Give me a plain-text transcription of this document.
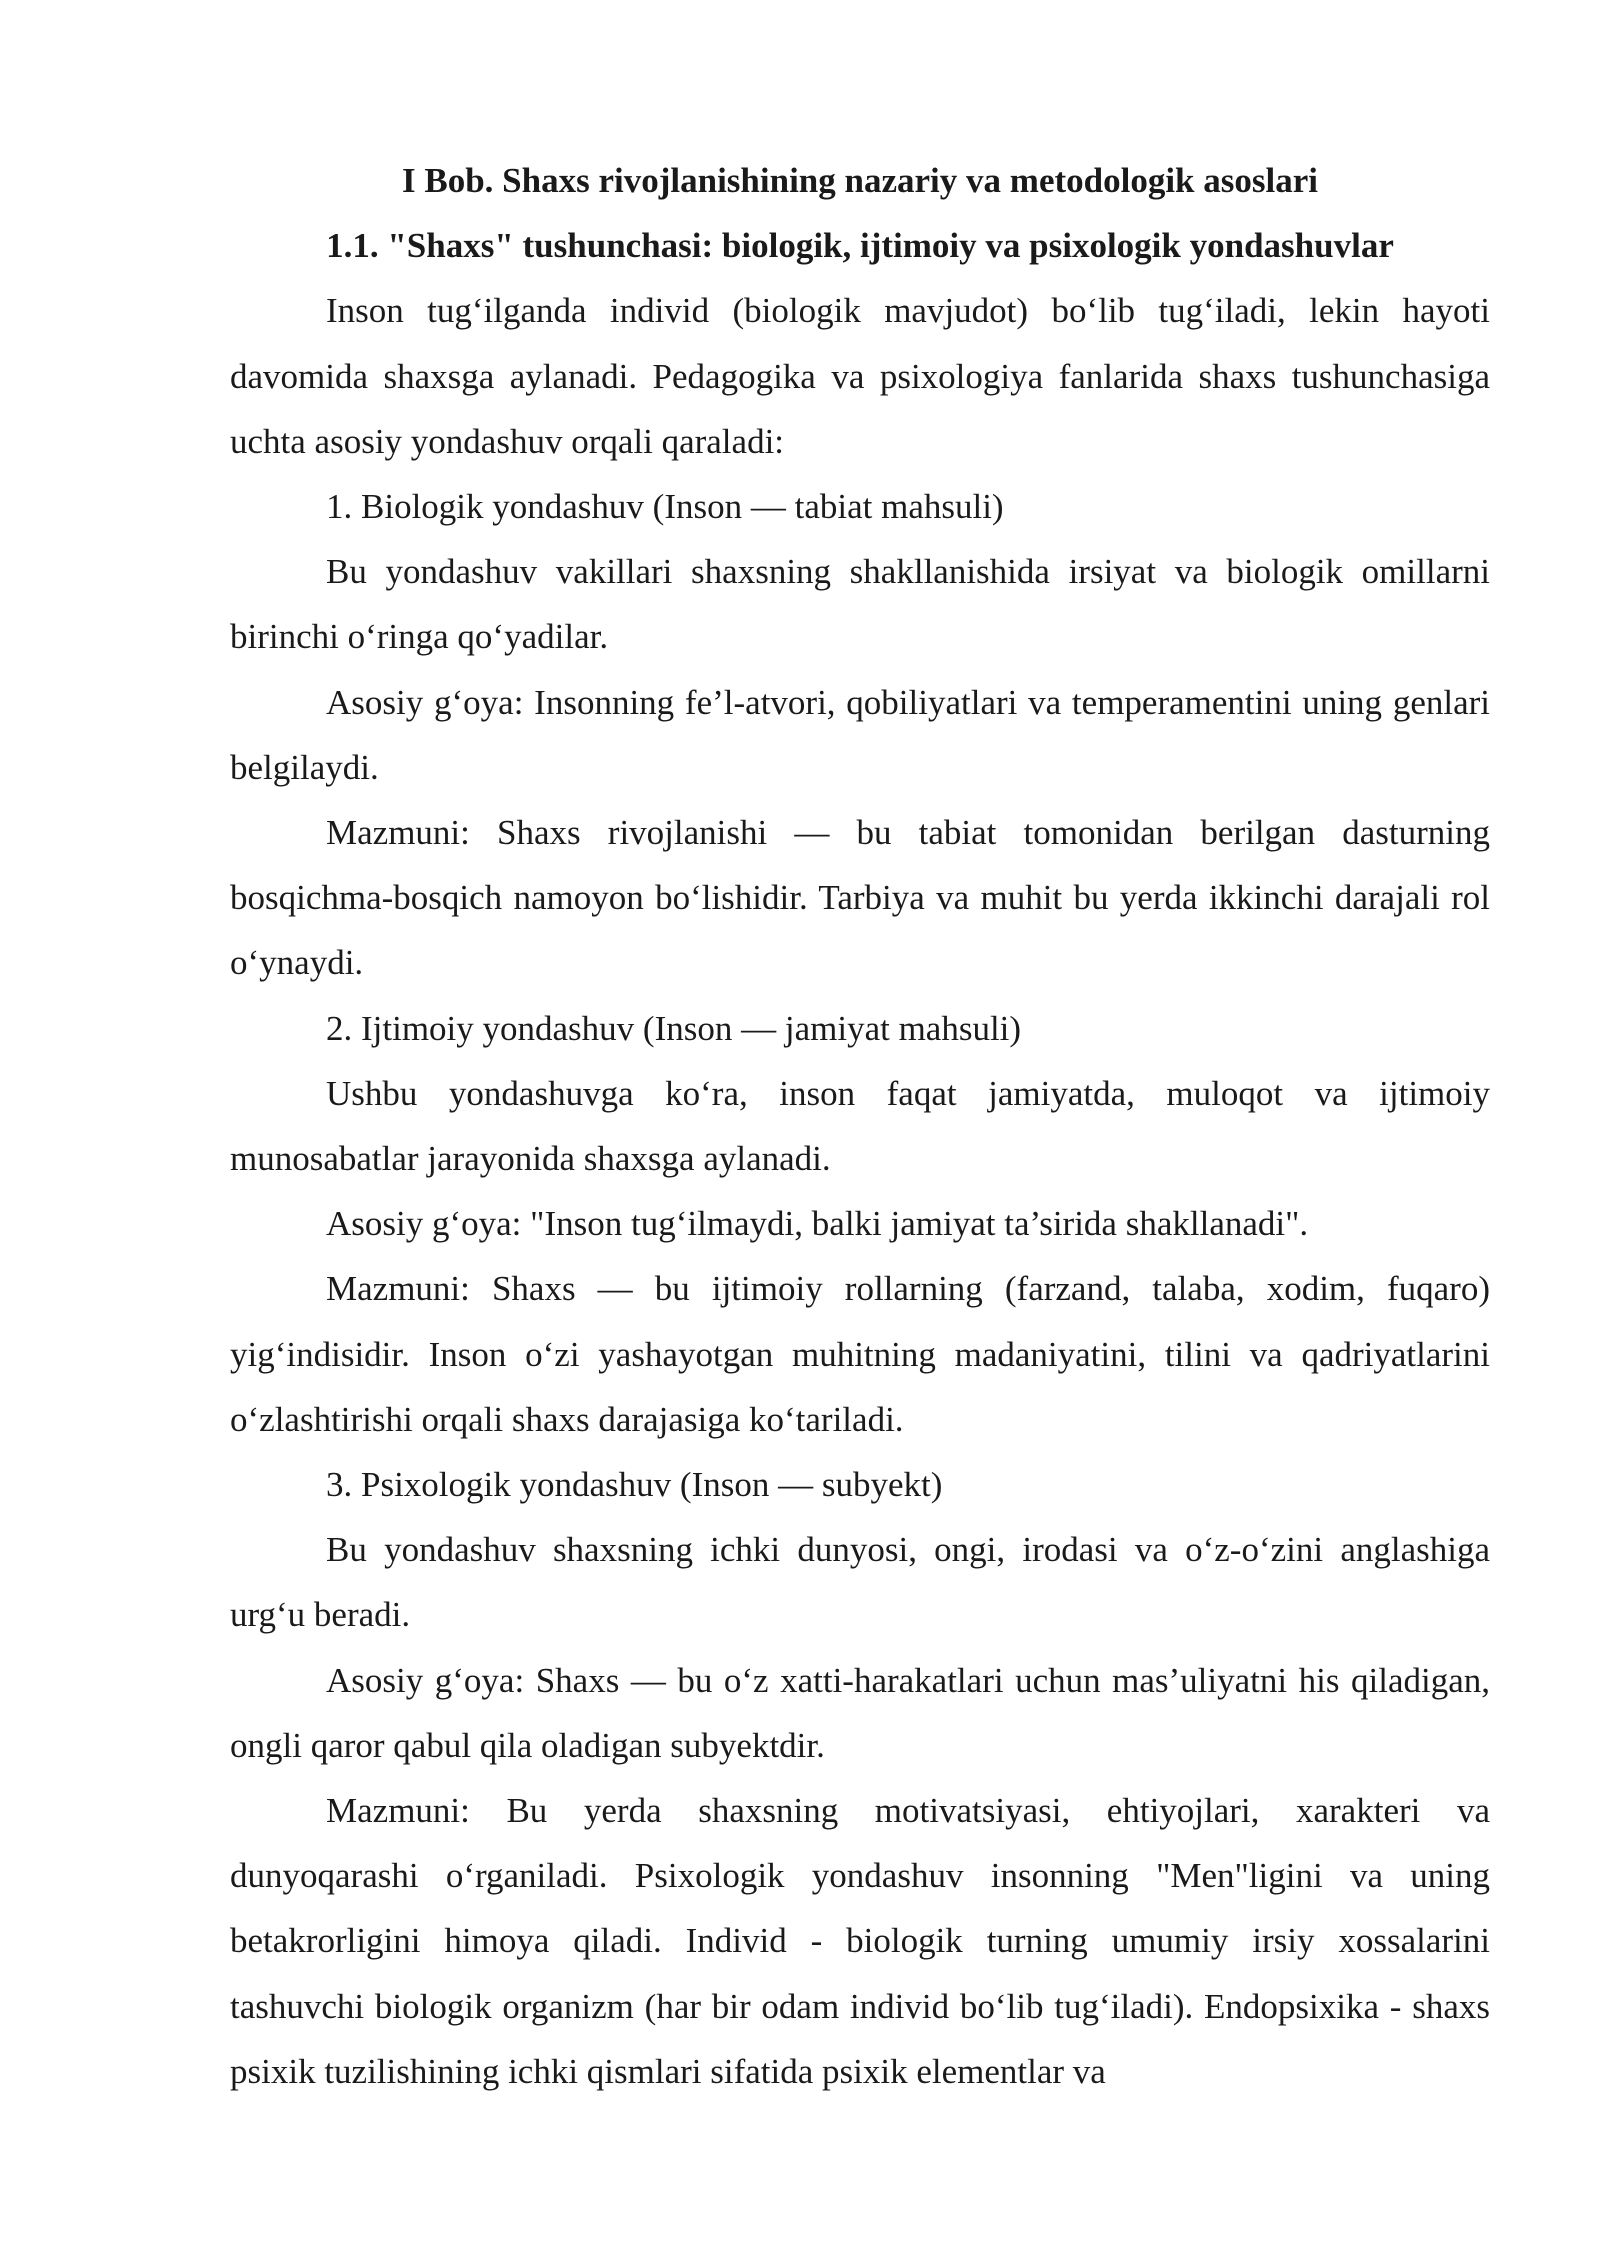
I Bob. Shaxs rivojlanishining nazariy va metodologik asoslari

1.1. "Shaxs" tushunchasi: biologik, ijtimoiy va psixologik yondashuvlar

Inson tug‘ilganda individ (biologik mavjudot) bo‘lib tug‘iladi, lekin hayoti davomida shaxsga aylanadi. Pedagogika va psixologiya fanlarida shaxs tushunchasiga uchta asosiy yondashuv orqali qaraladi:

1. Biologik yondashuv (Inson — tabiat mahsuli)

Bu yondashuv vakillari shaxsning shakllanishida irsiyat va biologik omillarni birinchi o‘ringa qo‘yadilar.

Asosiy g‘oya: Insonning fe’l-atvori, qobiliyatlari va temperamentini uning genlari belgilaydi.

Mazmuni: Shaxs rivojlanishi — bu tabiat tomonidan berilgan dasturning bosqichma-bosqich namoyon bo‘lishidir. Tarbiya va muhit bu yerda ikkinchi darajali rol o‘ynaydi.

2. Ijtimoiy yondashuv (Inson — jamiyat mahsuli)

Ushbu yondashuvga ko‘ra, inson faqat jamiyatda, muloqot va ijtimoiy munosabatlar jarayonida shaxsga aylanadi.

Asosiy g‘oya: "Inson tug‘ilmaydi, balki jamiyat ta’sirida shakllanadi".

Mazmuni: Shaxs — bu ijtimoiy rollarning (farzand, talaba, xodim, fuqaro) yig‘indisidir. Inson o‘zi yashayotgan muhitning madaniyatini, tilini va qadriyatlarini o‘zlashtirishi orqali shaxs darajasiga ko‘tariladi.

3. Psixologik yondashuv (Inson — subyekt)

Bu yondashuv shaxsning ichki dunyosi, ongi, irodasi va o‘z-o‘zini anglashiga urg‘u beradi.

Asosiy g‘oya: Shaxs — bu o‘z xatti-harakatlari uchun mas’uliyatni his qiladigan, ongli qaror qabul qila oladigan subyektdir.

Mazmuni: Bu yerda shaxsning motivatsiyasi, ehtiyojlari, xarakteri va dunyoqarashi o‘rganiladi. Psixologik yondashuv insonning "Men"ligini va uning betakrorligini himoya qiladi. Individ - biologik turning umumiy irsiy xossalarini tashuvchi biologik organizm (har bir odam individ bo‘lib tug‘iladi). Endopsixika - shaxs psixik tuzilishining ichki qismlari sifatida psixik elementlar va
